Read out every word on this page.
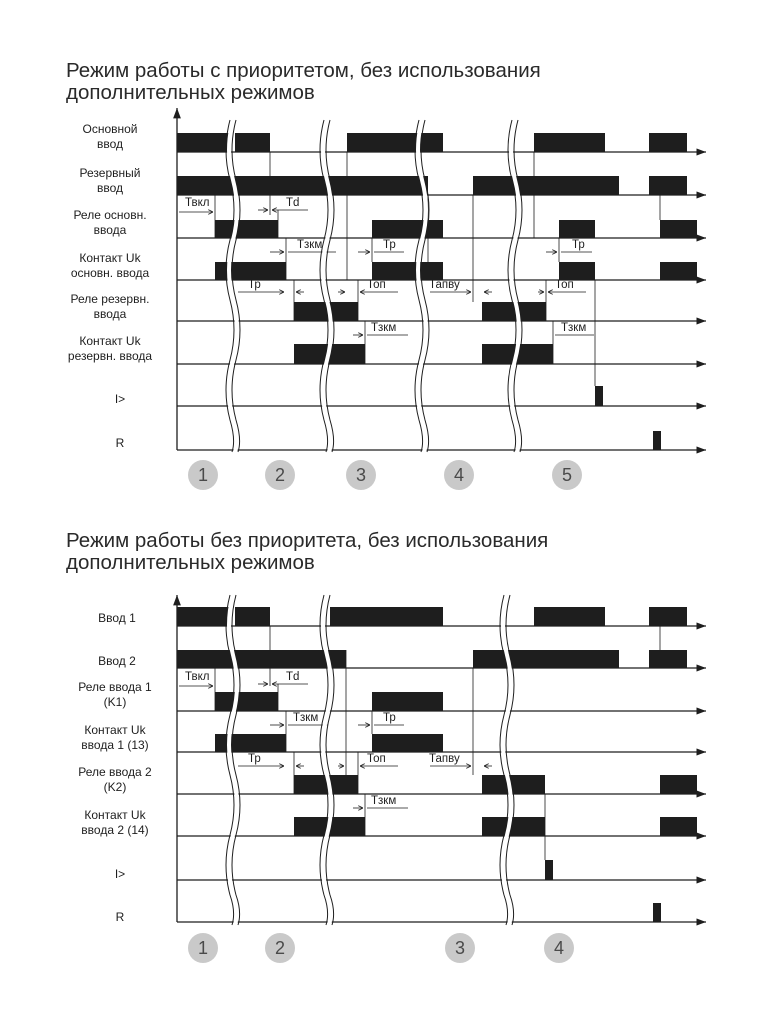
Режим работы с приоритетом, без использования
дополнительных режимов
Основной
ввод
Резервный
ввод
Реле основн.
ввода
Контакт Uk
основн. ввода
Реле резервн.
ввода
Контакт Uk
резервн. ввода
I>
R
Твкл	Td
Тзкм
Тр
Тр	Тр
Топ	Тапву	Топ
Тзкм	Тзкм
1	2	3	4	5
Режим работы без приоритета, без использования
дополнительных режимов
Ввод 1
Ввод 2
Реле ввода 1
(K1)
Контакт Uk
ввода 1 (13)
Реле ввода 2
(K2)
Контакт Uk
ввода 2 (14)
I>
R
Твкл	Td
Тзкм
Тр
Тр
Топ	Тапву
Тзкм
1	2	3	4
